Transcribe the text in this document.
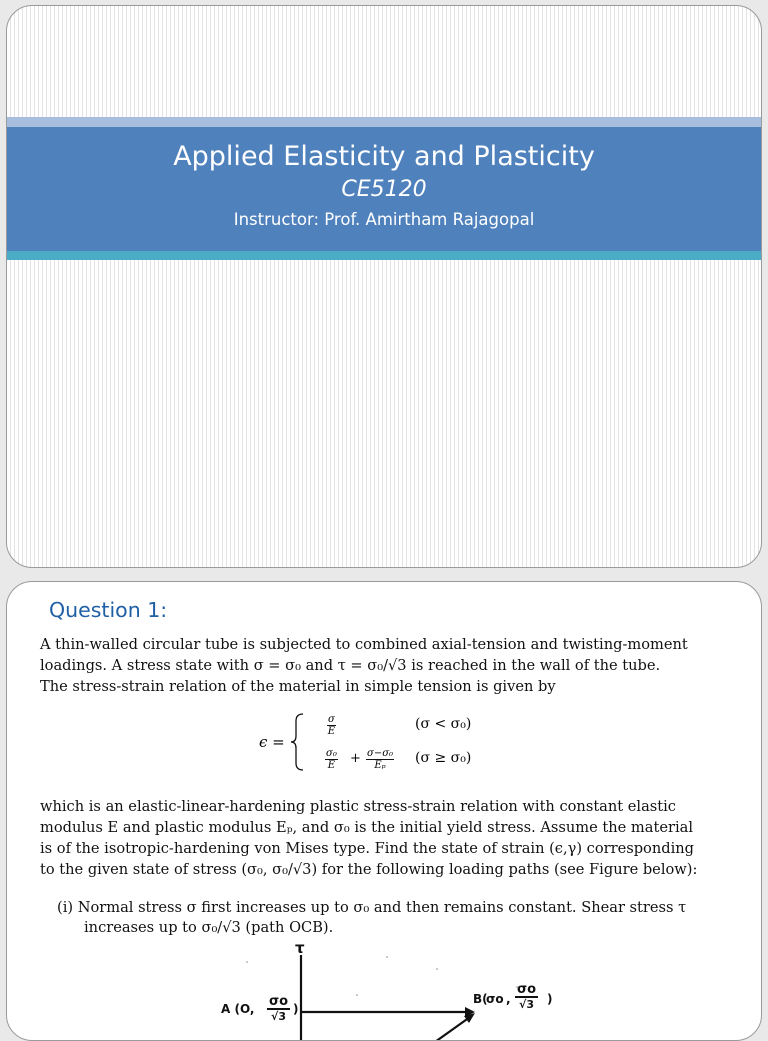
Applied Elasticity and Plasticity
CE5120
Instructor: Prof. Amirtham Rajagopal
Question 1:
A thin-walled circular tube is subjected to combined axial-tension and twisting-moment
loadings. A stress state with σ = σ₀ and τ = σ₀/√3 is reached in the wall of the tube.
The stress-strain relation of the material in simple tension is given by
ϵ =
$\frac{\sigma}{E}$	(σ < σ₀)
$\frac{\text{σ₀}}{E} + \frac{\text{σ−σ₀}}{\text{Eₚ}} (\sigma \ge \sigma_0)$
which is an elastic-linear-hardening plastic stress-strain relation with constant elastic
modulus E and plastic modulus Eₚ, and σ₀ is the initial yield stress. Assume the material
is of the isotropic-hardening von Mises type. Find the state of strain (ϵ,γ) corresponding
to the given state of stress (σ₀, σ₀/√3) for the following loading paths (see Figure below):
(i) Normal stress σ first increases up to σ₀ and then remains constant. Shear stress τ
increases up to σ₀/√3 (path OCB).
τ
A (O, σo
√3
)
B(
σo ,
σo
√3 )
